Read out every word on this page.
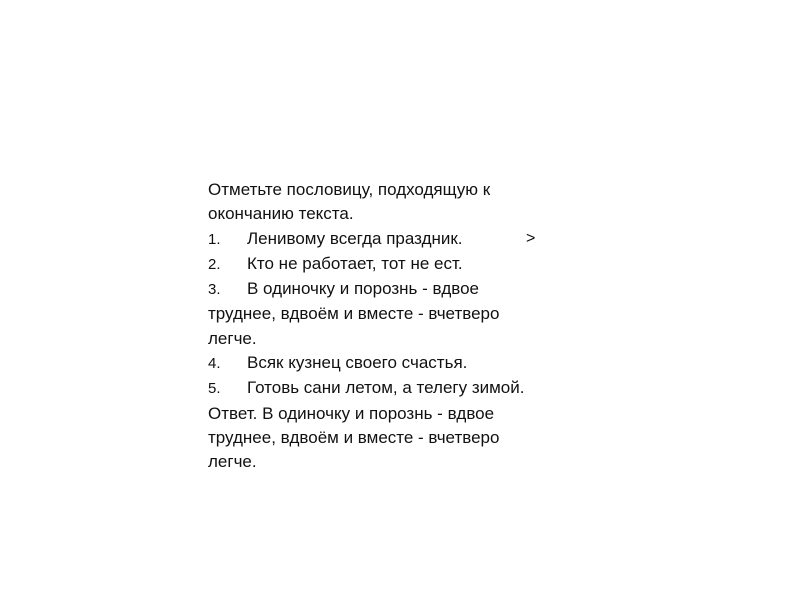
Отметьте пословицу, подходящую к
окончанию текста.
1. Ленивому всегда праздник.	>
2. Кто не работает, тот не ест.
3. В одиночку и порознь - вдвое
труднее, вдвоём и вместе - вчетверо
легче.
4. Всяк кузнец своего счастья.
5. Готовь сани летом, а телегу зимой.
Ответ. В одиночку и порознь - вдвое
труднее, вдвоём и вместе - вчетверо
легче.
